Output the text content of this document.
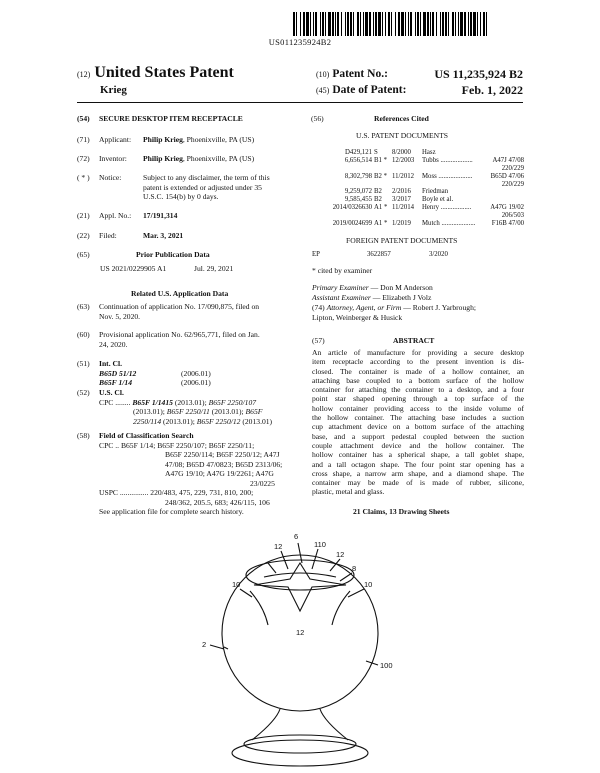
US011235924B2
(12) United States Patent
Krieg
(10) Patent No.:	US 11,235,924 B2
(45) Date of Patent:	Feb. 1, 2022
(54) SECURE DESKTOP ITEM RECEPTACLE
(71) Applicant: Philip Krieg, Phoenixville, PA (US)
(72) Inventor: Philip Krieg, Phoenixville, PA (US)
( * ) Notice:	Subject to any disclaimer, the term of this
patent is extended or adjusted under 35
U.S.C. 154(b) by 0 days.
(21) Appl. No.: 17/191,314
(22) Filed:	Mar. 3, 2021
(65)	Prior Publication Data
US 2021/0229905 A1	Jul. 29, 2021
Related U.S. Application Data
(63) Continuation of application No. 17/090,875, filed on
Nov. 5, 2020.
(60) Provisional application No. 62/965,771, filed on Jan.
24, 2020.
(51) Int. Cl.
B65D 51/12	(2006.01)
B65F 1/14	(2006.01)
(52) U.S. Cl.
CPC ........ B65F 1/1415 (2013.01); B65F 2250/107
(2013.01); B65F 2250/11 (2013.01); B65F
2250/114 (2013.01); B65F 2250/12 (2013.01)
(58) Field of Classification Search
CPC .. B65F 1/14; B65F 2250/107; B65F 2250/11;
B65F 2250/114; B65F 2250/12; A47J
47/08; B65D 47/0823; B65D 2313/06;
A47G 19/10; A47G 19/2261; A47G
23/0225
USPC ............... 220/483, 475, 229, 731, 810, 200;
248/362, 205.5, 683; 426/115, 106
See application file for complete search history.
(56)	References Cited
U.S. PATENT DOCUMENTS
D429,121 S 8/2000 Hasz
6,656,514 B1 * 12/2003 Tubbs ...................	A47J 47/08
220/229
8,302,798 B2 * 11/2012 Moss ....................	B65D 47/06
220/229
9,259,072 B2 2/2016 Friedman
9,585,455 B2 3/2017 Boyle et al.
2014/0326630 A1 * 11/2014 Henry ..................	A47G 19/02
206/503
2019/0024699 A1 * 1/2019 Mutch .................... F16B 47/00
FOREIGN PATENT DOCUMENTS
EP	3622857	3/2020
* cited by examiner
Primary Examiner — Don M Anderson
Assistant Examiner — Elizabeth J Volz
(74) Attorney, Agent, or Firm — Robert J. Yarbrough;
Lipton, Weinberger & Husick
(57)	ABSTRACT
An article of manufacture for providing a secure desktop
item receptacle according to the present invention is dis-
closed. The container is made of a hollow container, an
attaching base coupled to a bottom surface of the hollow
container for attaching the container to a desktop, and a four
point star shaped opening through a top surface of the
hollow container providing access to the inside volume of
the hollow container. The attaching base includes a suction
cup attachment device on a bottom surface of the attaching
base, and a support pedestal coupled between the suction
couple attachment device and the hollow container. The
hollow container has a spherical shape, a tall goblet shape,
and a tall octagon shape. The four point star opening has a
cross shape, a narrow arm shape, and a diamond shape. The
container may be made of is made of rubber, silicone,
plastic, metal and glass.
21 Claims, 13 Drawing Sheets
6
110
12
12
8
10	10
12
2
100
